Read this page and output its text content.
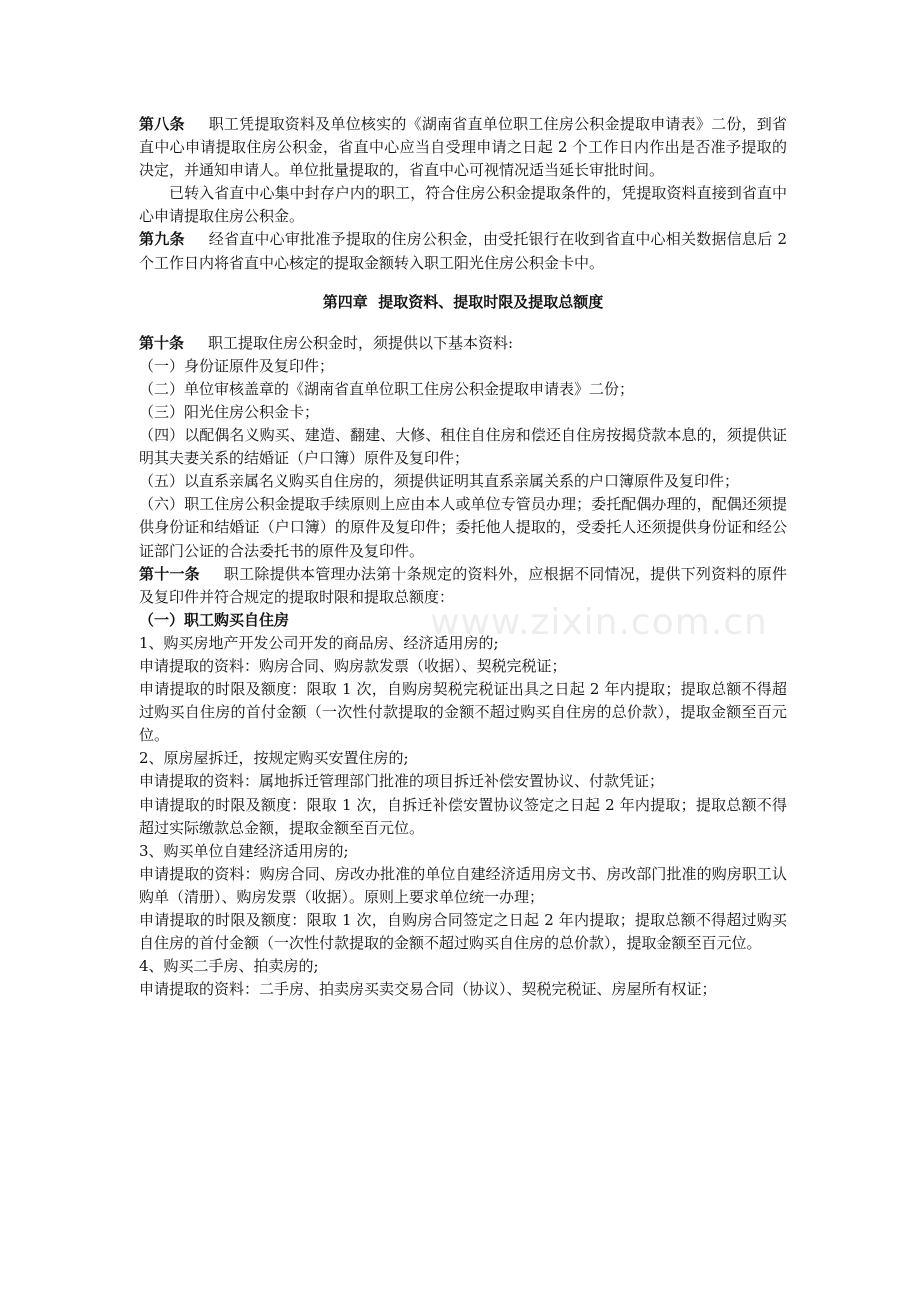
第八条 职工凭提取资料及单位核实的《湖南省直单位职工住房公积金提取申请表》二份，到省直中心申请提取住房公积金，省直中心应当自受理申请之日起 2 个工作日内作出是否准予提取的决定，并通知申请人。单位批量提取的，省直中心可视情况适当延长审批时间。

已转入省直中心集中封存户内的职工，符合住房公积金提取条件的，凭提取资料直接到省直中心申请提取住房公积金。

第九条 经省直中心审批准予提取的住房公积金，由受托银行在收到省直中心相关数据信息后 2 个工作日内将省直中心核定的提取金额转入职工阳光住房公积金卡中。

第四章  提取资料、提取时限及提取总额度

第十条 职工提取住房公积金时，须提供以下基本资料:

（一）身份证原件及复印件；

（二）单位审核盖章的《湖南省直单位职工住房公积金提取申请表》二份；

（三）阳光住房公积金卡；

（四）以配偶名义购买、建造、翻建、大修、租住自住房和偿还自住房按揭贷款本息的，须提供证明其夫妻关系的结婚证（户口簿）原件及复印件；

（五）以直系亲属名义购买自住房的，须提供证明其直系亲属关系的户口簿原件及复印件；

（六）职工住房公积金提取手续原则上应由本人或单位专管员办理；委托配偶办理的，配偶还须提供身份证和结婚证（户口簿）的原件及复印件；委托他人提取的，受委托人还须提供身份证和经公证部门公证的合法委托书的原件及复印件。

第十一条 职工除提供本管理办法第十条规定的资料外，应根据不同情况，提供下列资料的原件及复印件并符合规定的提取时限和提取总额度：

（一）职工购买自住房

1、购买房地产开发公司开发的商品房、经济适用房的;

申请提取的资料：购房合同、购房款发票（收据）、契税完税证；

申请提取的时限及额度：限取 1 次，自购房契税完税证出具之日起 2 年内提取；提取总额不得超过购买自住房的首付金额（一次性付款提取的金额不超过购买自住房的总价款），提取金额至百元位。

2、原房屋拆迁，按规定购买安置住房的;

申请提取的资料：属地拆迁管理部门批准的项目拆迁补偿安置协议、付款凭证；

申请提取的时限及额度：限取 1 次，自拆迁补偿安置协议签定之日起 2 年内提取；提取总额不得超过实际缴款总金额，提取金额至百元位。

3、购买单位自建经济适用房的;

申请提取的资料：购房合同、房改办批准的单位自建经济适用房文书、房改部门批准的购房职工认购单（清册）、购房发票（收据）。原则上要求单位统一办理；

申请提取的时限及额度：限取 1 次，自购房合同签定之日起 2 年内提取；提取总额不得超过购买自住房的首付金额（一次性付款提取的金额不超过购买自住房的总价款），提取金额至百元位。

4、购买二手房、拍卖房的;

申请提取的资料：二手房、拍卖房买卖交易合同（协议）、契税完税证、房屋所有权证；

www.zixin.com.cn
